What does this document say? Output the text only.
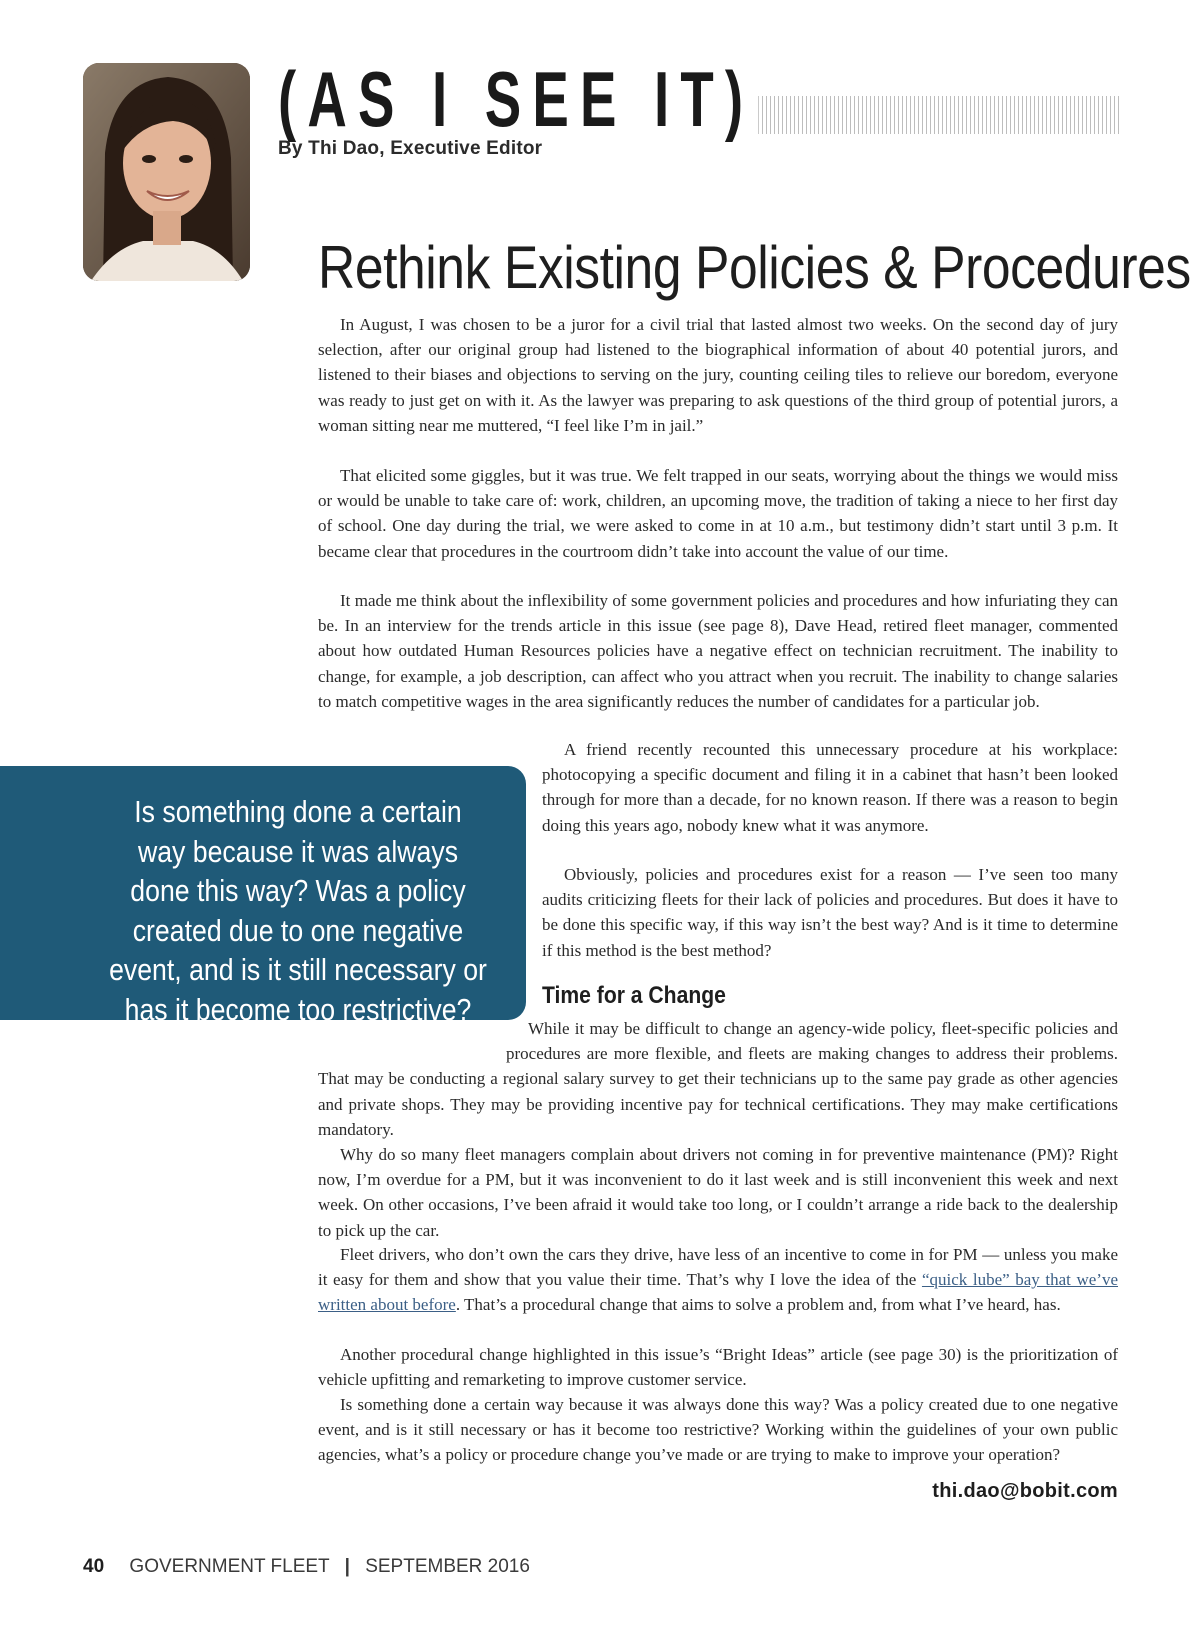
(AS I SEE IT)
By Thi Dao, Executive Editor
Rethink Existing Policies & Procedures

In August, I was chosen to be a juror for a civil trial that lasted almost two weeks. On the second day of jury selection, after our original group had listened to the biographical information of about 40 potential jurors, and listened to their biases and objections to serving on the jury, counting ceiling tiles to relieve our boredom, everyone was ready to just get on with it. As the lawyer was preparing to ask questions of the third group of potential jurors, a woman sitting near me muttered, “I feel like I’m in jail.”

That elicited some giggles, but it was true. We felt trapped in our seats, worrying about the things we would miss or would be unable to take care of: work, children, an upcoming move, the tradition of taking a niece to her first day of school. One day during the trial, we were asked to come in at 10 a.m., but testimony didn’t start until 3 p.m. It became clear that procedures in the courtroom didn’t take into account the value of our time.

It made me think about the inflexibility of some government policies and procedures and how infuriating they can be. In an interview for the trends article in this issue (see page 8), Dave Head, retired fleet manager, commented about how outdated Human Resources policies have a negative effect on technician recruitment. The inability to change, for example, a job description, can affect who you attract when you recruit. The inability to change salaries to match competitive wages in the area significantly reduces the number of candidates for a particular job.

A friend recently recounted this unnecessary procedure at his workplace: photocopying a specific document and filing it in a cabinet that hasn’t been looked through for more than a decade, for no known reason. If there was a reason to begin doing this years ago, nobody knew what it was anymore.

Obviously, policies and procedures exist for a reason — I’ve seen too many audits criticizing fleets for their lack of policies and procedures. But does it have to be done this specific way, if this way isn’t the best way? And is it time to determine if this method is the best method?

Is something done a certain way because it was always done this way? Was a policy created due to one negative event, and is it still necessary or has it become too restrictive?	Time for a Change

While it may be difficult to change an agency-wide policy, fleet-specific policies and procedures are more flexible, and fleets are making changes to address their problems. That may be conducting a regional salary survey to get their technicians up to the same pay grade as other agencies and private shops. They may be providing incentive pay for technical certifications. They may make certifications mandatory.

Why do so many fleet managers complain about drivers not coming in for preventive maintenance (PM)? Right now, I’m overdue for a PM, but it was inconvenient to do it last week and is still inconvenient this week and next week. On other occasions, I’ve been afraid it would take too long, or I couldn’t arrange a ride back to the dealership to pick up the car.

Fleet drivers, who don’t own the cars they drive, have less of an incentive to come in for PM — unless you make it easy for them and show that you value their time. That’s why I love the idea of the “quick lube” bay that we’ve written about before. That’s a procedural change that aims to solve a problem and, from what I’ve heard, has.

Another procedural change highlighted in this issue’s “Bright Ideas” article (see page 30) is the prioritization of vehicle upfitting and remarketing to improve customer service.

Is something done a certain way because it was always done this way? Was a policy created due to one negative event, and is it still necessary or has it become too restrictive? Working within the guidelines of your own public agencies, what’s a policy or procedure change you’ve made or are trying to make to improve your operation?

thi.dao@bobit.com
40 GOVERNMENT FLEET | SEPTEMBER 2016
